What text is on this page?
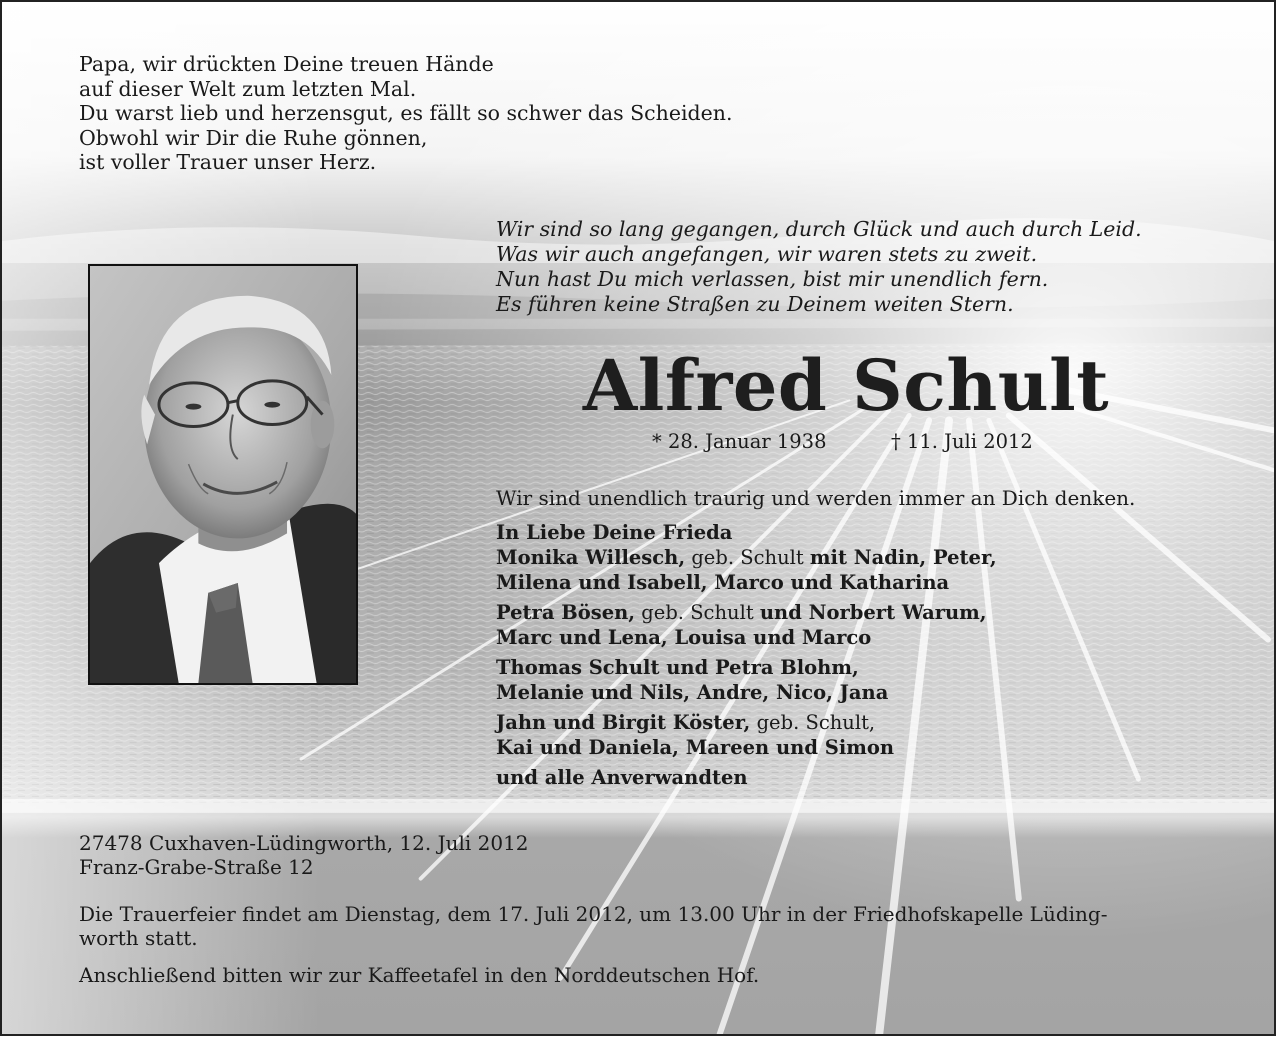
Papa, wir drückten Deine treuen Hände
auf dieser Welt zum letzten Mal.
Du warst lieb und herzensgut, es fällt so schwer das Scheiden.
Obwohl wir Dir die Ruhe gönnen,
ist voller Trauer unser Herz.
Wir sind so lang gegangen, durch Glück und auch durch Leid.
Was wir auch angefangen, wir waren stets zu zweit.
Nun hast Du mich verlassen, bist mir unendlich fern.
Es führen keine Straßen zu Deinem weiten Stern.
Alfred Schult
* 28. Januar 1938	† 11. Juli 2012
Wir sind unendlich traurig und werden immer an Dich denken.
In Liebe Deine Frieda
Monika Willesch, geb. Schult mit Nadin, Peter,
Milena und Isabell, Marco und Katharina
Petra Bösen, geb. Schult und Norbert Warum,
Marc und Lena, Louisa und Marco
Thomas Schult und Petra Blohm,
Melanie und Nils, Andre, Nico, Jana
Jahn und Birgit Köster, geb. Schult,
Kai und Daniela, Mareen und Simon
und alle Anverwandten
27478 Cuxhaven-Lüdingworth, 12. Juli 2012
Franz-Grabe-Straße 12
Die Trauerfeier findet am Dienstag, dem 17. Juli 2012, um 13.00 Uhr in der Friedhofskapelle Lüding-
worth statt.
Anschließend bitten wir zur Kaffeetafel in den Norddeutschen Hof.
